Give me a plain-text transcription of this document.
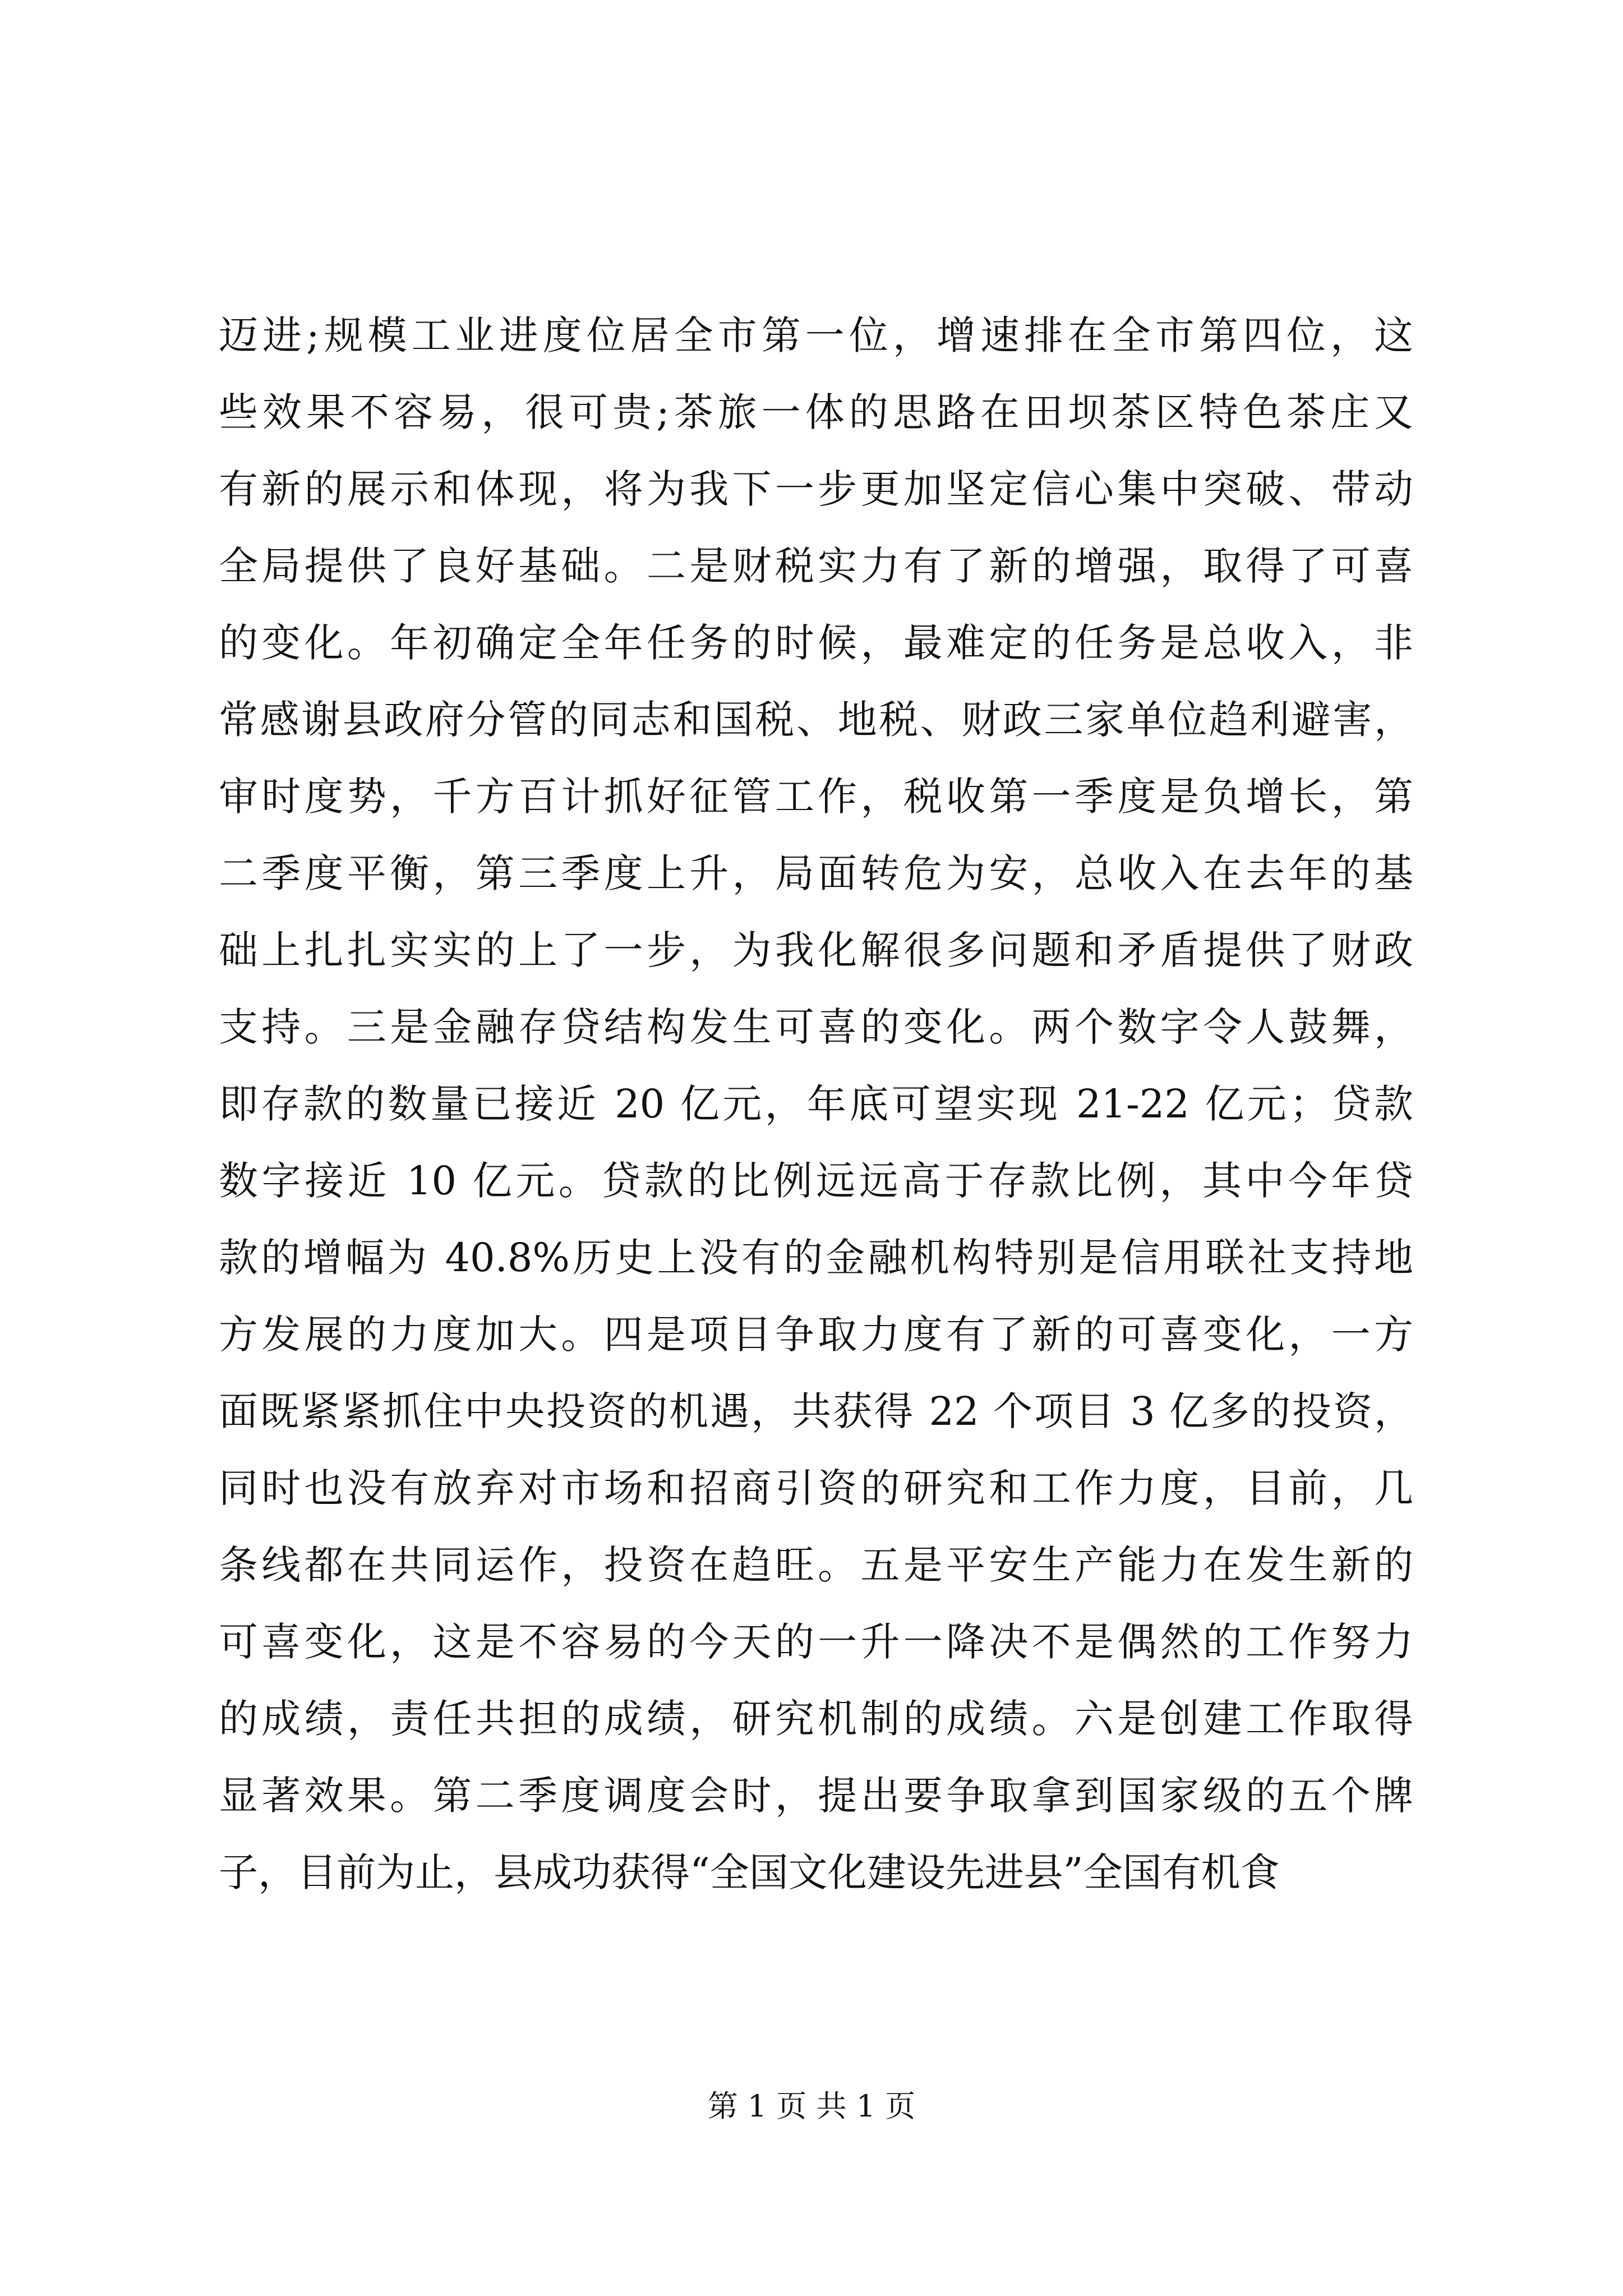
迈进;规模工业进度位居全市第一位，增速排在全市第四位，这
些效果不容易，很可贵;茶旅一体的思路在田坝茶区特色茶庄又
有新的展示和体现，将为我下一步更加坚定信心集中突破、带动
全局提供了良好基础。二是财税实力有了新的增强，取得了可喜
的变化。年初确定全年任务的时候，最难定的任务是总收入，非
常感谢县政府分管的同志和国税、地税、财政三家单位趋利避害，
审时度势，千方百计抓好征管工作，税收第一季度是负增长，第
二季度平衡，第三季度上升，局面转危为安，总收入在去年的基
础上扎扎实实的上了一步，为我化解很多问题和矛盾提供了财政
支持。三是金融存贷结构发生可喜的变化。两个数字令人鼓舞，
即存款的数量已接近 20 亿元，年底可望实现 21-22 亿元；贷款
数字接近 10 亿元。贷款的比例远远高于存款比例，其中今年贷
款的增幅为 40.8%历史上没有的金融机构特别是信用联社支持地
方发展的力度加大。四是项目争取力度有了新的可喜变化，一方
面既紧紧抓住中央投资的机遇，共获得 22 个项目 3 亿多的投资，
同时也没有放弃对市场和招商引资的研究和工作力度，目前，几
条线都在共同运作，投资在趋旺。五是平安生产能力在发生新的
可喜变化，这是不容易的今天的一升一降决不是偶然的工作努力
的成绩，责任共担的成绩，研究机制的成绩。六是创建工作取得
显著效果。第二季度调度会时，提出要争取拿到国家级的五个牌
子，目前为止，县成功获得“全国文化建设先进县”全国有机食
第 1 页 共 1 页
